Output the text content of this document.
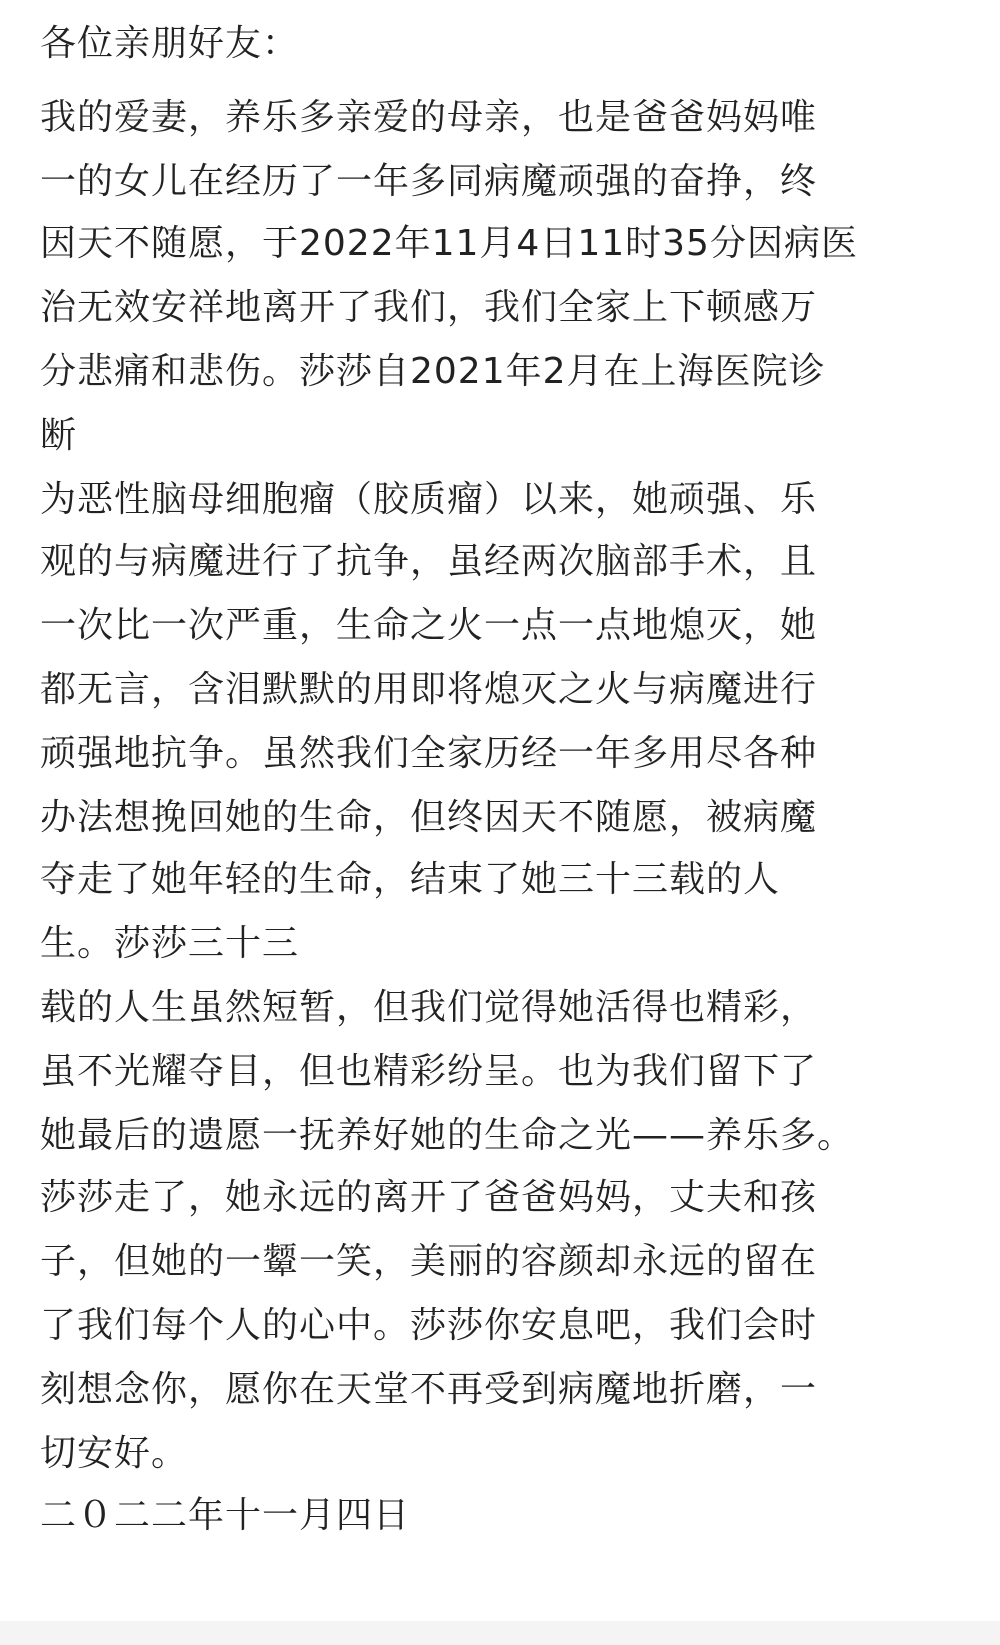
各位亲朋好友：
我的爱妻，养乐多亲爱的母亲，也是爸爸妈妈唯
一的女儿在经历了一年多同病魔顽强的奋挣，终
因天不随愿，于2022年11月4日11时35分因病医
治无效安祥地离开了我们，我们全家上下顿感万
分悲痛和悲伤。莎莎自2021年2月在上海医院诊
断
为恶性脑母细胞瘤（胶质瘤）以来，她顽强、乐
观的与病魔进行了抗争，虽经两次脑部手术，且
一次比一次严重，生命之火一点一点地熄灭，她
都无言，含泪默默的用即将熄灭之火与病魔进行
顽强地抗争。虽然我们全家历经一年多用尽各种
办法想挽回她的生命，但终因天不随愿，被病魔
夺走了她年轻的生命，结束了她三十三载的人
生。莎莎三十三
载的人生虽然短暂，但我们觉得她活得也精彩，
虽不光耀夺目，但也精彩纷呈。也为我们留下了
她最后的遗愿一抚养好她的生命之光——养乐多。
莎莎走了，她永远的离开了爸爸妈妈，丈夫和孩
子，但她的一颦一笑，美丽的容颜却永远的留在
了我们每个人的心中。莎莎你安息吧，我们会时
刻想念你，愿你在天堂不再受到病魔地折磨，一
切安好。
二０二二年十一月四日
